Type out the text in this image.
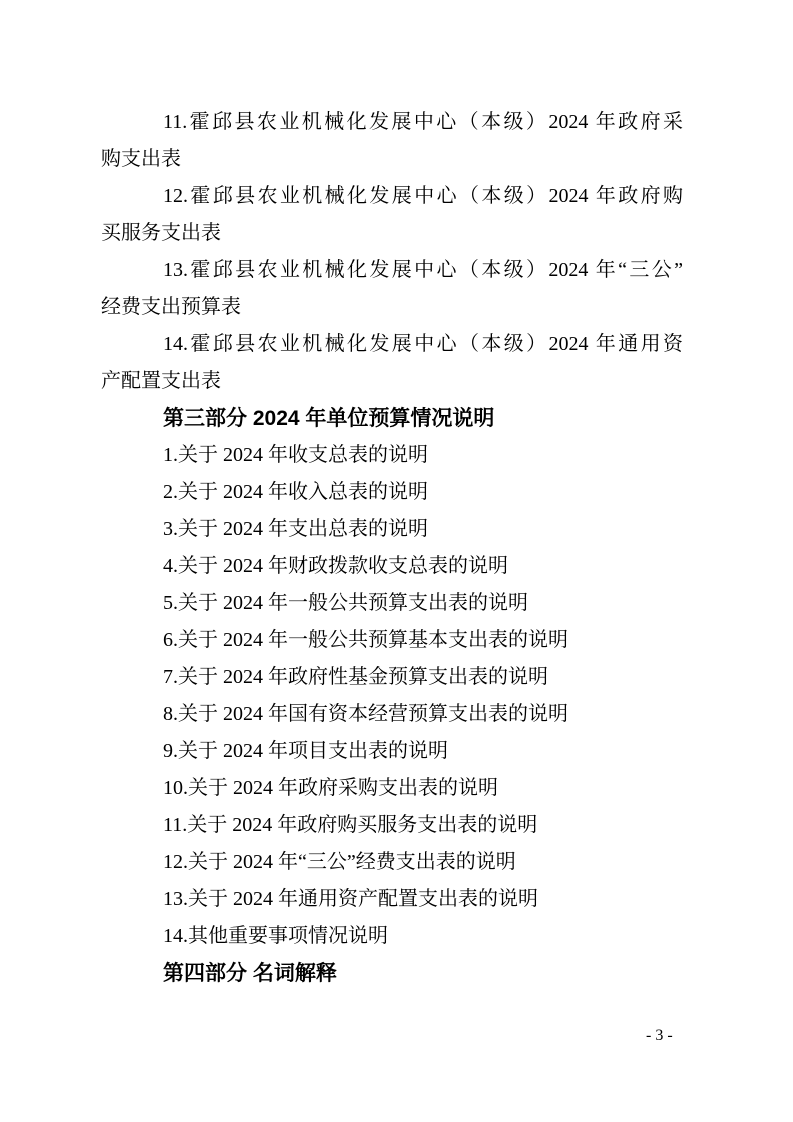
11.霍邱县农业机械化发展中心（本级）2024 年政府采
购支出表
12.霍邱县农业机械化发展中心（本级）2024 年政府购
买服务支出表
13.霍邱县农业机械化发展中心（本级）2024 年“三公”
经费支出预算表
14.霍邱县农业机械化发展中心（本级）2024 年通用资
产配置支出表
第三部分 2024 年单位预算情况说明
1.关于 2024 年收支总表的说明
2.关于 2024 年收入总表的说明
3.关于 2024 年支出总表的说明
4.关于 2024 年财政拨款收支总表的说明
5.关于 2024 年一般公共预算支出表的说明
6.关于 2024 年一般公共预算基本支出表的说明
7.关于 2024 年政府性基金预算支出表的说明
8.关于 2024 年国有资本经营预算支出表的说明
9.关于 2024 年项目支出表的说明
10.关于 2024 年政府采购支出表的说明
11.关于 2024 年政府购买服务支出表的说明
12.关于 2024 年“三公”经费支出表的说明
13.关于 2024 年通用资产配置支出表的说明
14.其他重要事项情况说明
第四部分 名词解释
- 3 -
